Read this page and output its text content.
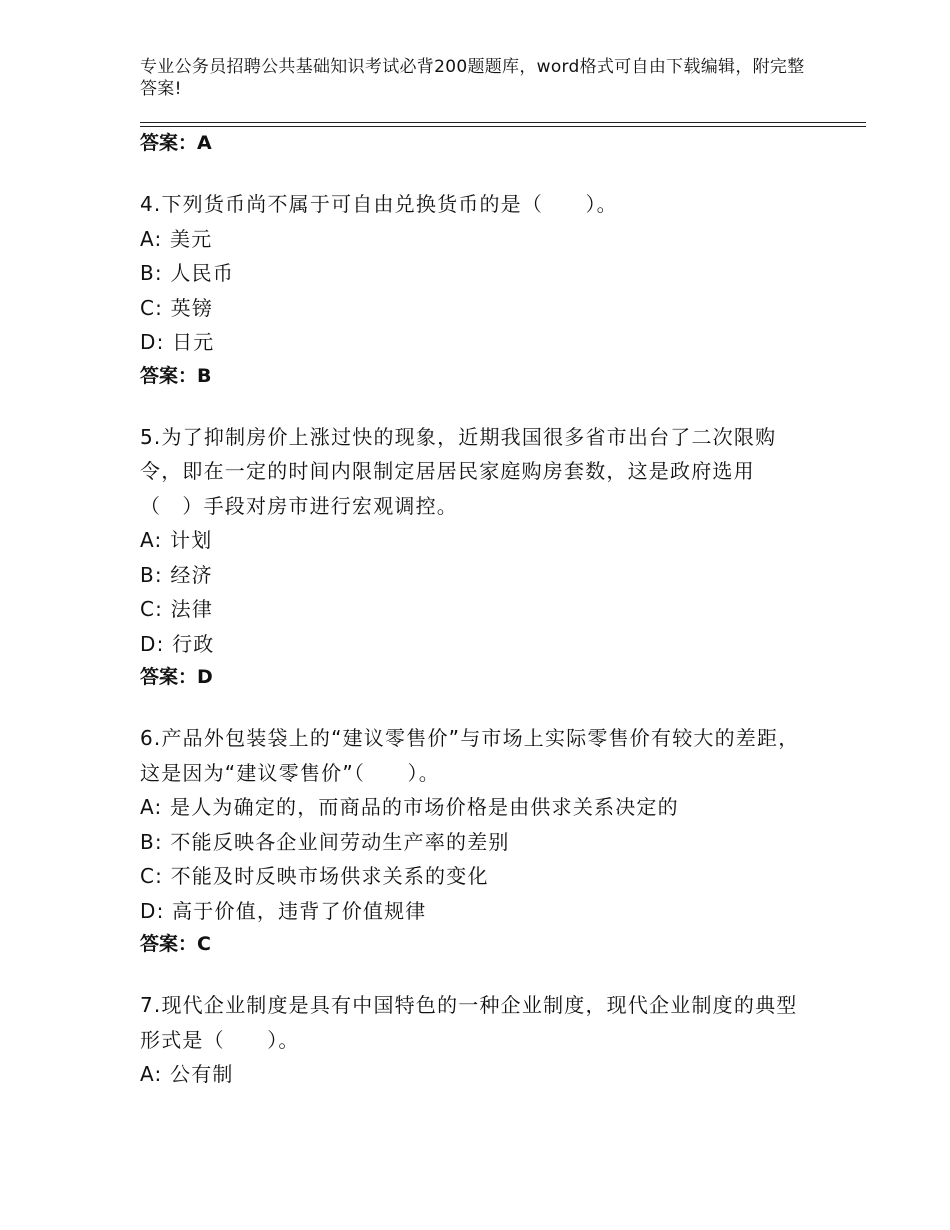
专业公务员招聘公共基础知识考试必背200题题库，word格式可自由下载编辑，附完整答案!
答案：A
4.下列货币尚不属于可自由兑换货币的是（　　）。
A: 美元
B: 人民币
C: 英镑
D: 日元
答案：B
5.为了抑制房价上涨过快的现象，近期我国很多省市出台了二次限购令，即在一定的时间内限制定居居民家庭购房套数，这是政府选用（　）手段对房市进行宏观调控。
A: 计划
B: 经济
C: 法律
D: 行政
答案：D
6.产品外包装袋上的“建议零售价”与市场上实际零售价有较大的差距，这是因为“建议零售价”（　　）。
A: 是人为确定的，而商品的市场价格是由供求关系决定的
B: 不能反映各企业间劳动生产率的差别
C: 不能及时反映市场供求关系的变化
D: 高于价值，违背了价值规律
答案：C
7.现代企业制度是具有中国特色的一种企业制度，现代企业制度的典型形式是（　　）。
A: 公有制
